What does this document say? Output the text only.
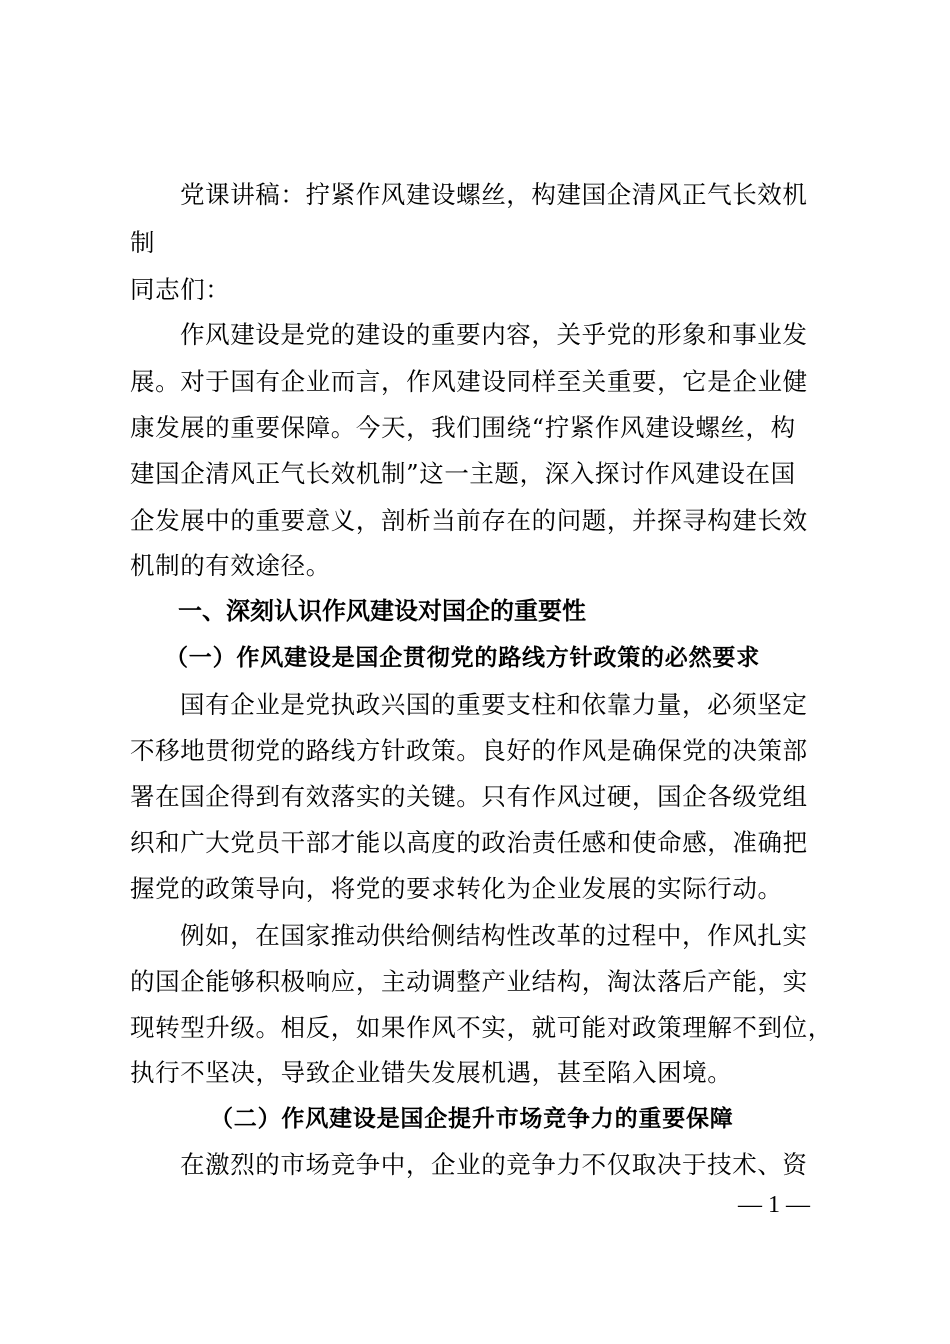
党课讲稿：拧紧作风建设螺丝，构建国企清风正气长效机
制
同志们：
作风建设是党的建设的重要内容，关乎党的形象和事业发
展。对于国有企业而言，作风建设同样至关重要，它是企业健
康发展的重要保障。今天，我们围绕“拧紧作风建设螺丝，构
建国企清风正气长效机制”这一主题，深入探讨作风建设在国
企发展中的重要意义，剖析当前存在的问题，并探寻构建长效
机制的有效途径。
一、深刻认识作风建设对国企的重要性
（一）作风建设是国企贯彻党的路线方针政策的必然要求
国有企业是党执政兴国的重要支柱和依靠力量，必须坚定
不移地贯彻党的路线方针政策。良好的作风是确保党的决策部
署在国企得到有效落实的关键。只有作风过硬，国企各级党组
织和广大党员干部才能以高度的政治责任感和使命感，准确把
握党的政策导向，将党的要求转化为企业发展的实际行动。
例如，在国家推动供给侧结构性改革的过程中，作风扎实
的国企能够积极响应，主动调整产业结构，淘汰落后产能，实
现转型升级。相反，如果作风不实，就可能对政策理解不到位，
执行不坚决，导致企业错失发展机遇，甚至陷入困境。
（二）作风建设是国企提升市场竞争力的重要保障
在激烈的市场竞争中，企业的竞争力不仅取决于技术、资
— 1 —
